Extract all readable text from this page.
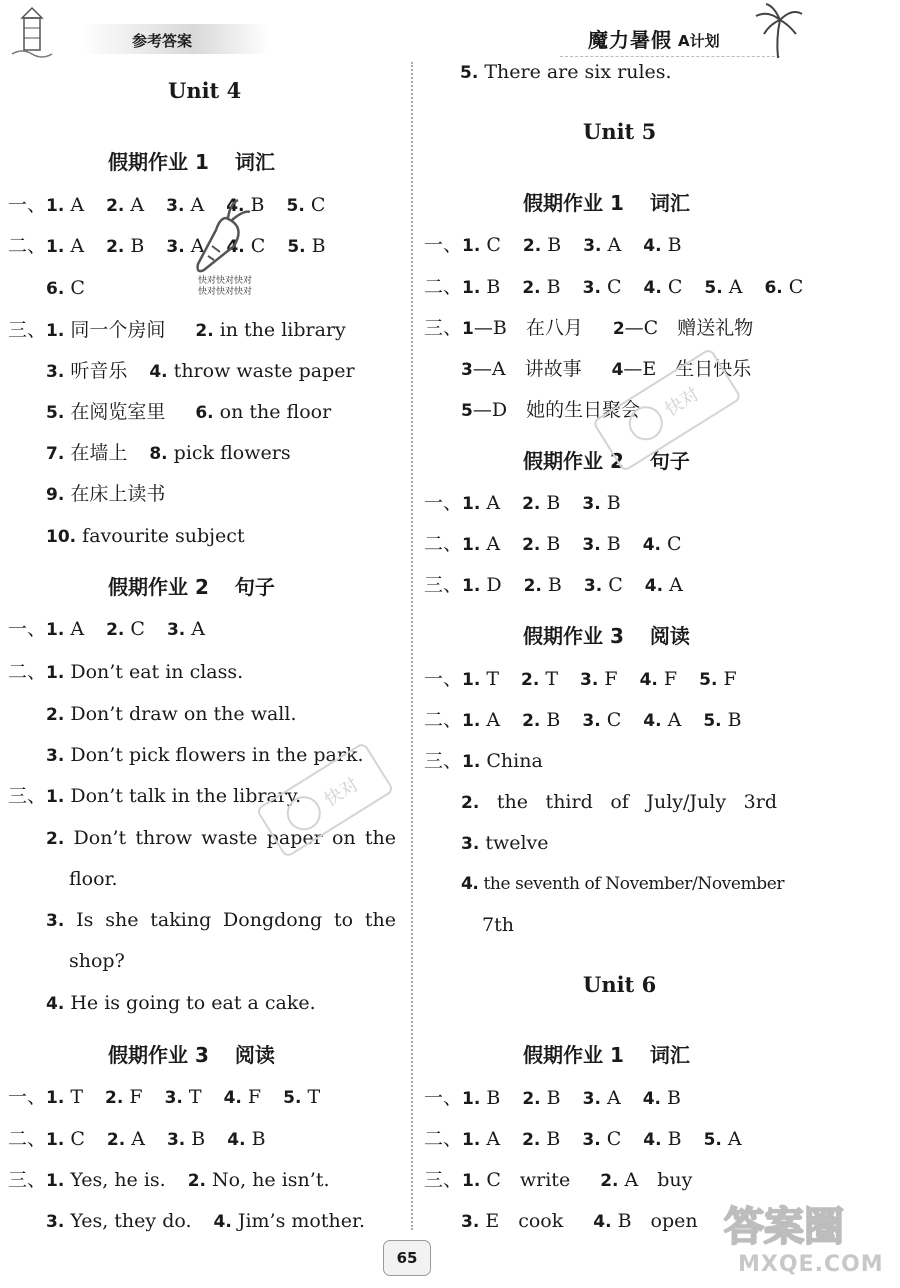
参考答案	魔力暑假 A计划
Unit 4
假期作业 1 词汇
一、1. A 2. A 3. A 4. B 5. C
二、1. A 2. B 3. A 4. C 5. B
6. C
三、1. 同一个房间 2. in the library
3. 听音乐 4. throw waste paper
5. 在阅览室里 6. on the floor
7. 在墙上 8. pick flowers
9. 在床上读书
10. favourite subject
假期作业 2 句子
一、1. A 2. C 3. A
二、1. Don’t eat in class.
2. Don’t draw on the wall.
3. Don’t pick flowers in the park.
三、1. Don’t talk in the library.
2. Don’t throw waste paper on the
floor.
3. Is she taking Dongdong to the
shop?
4. He is going to eat a cake.
假期作业 3 阅读
一、1. T 2. F 3. T 4. F 5. T
二、1. C 2. A 3. B 4. B
三、1. Yes, he is. 2. No, he isn’t.
3. Yes, they do. 4. Jim’s mother.
5. There are six rules.
Unit 5
假期作业 1 词汇
一、1. C 2. B 3. A 4. B
二、1. B 2. B 3. C 4. C 5. A 6. C
三、1—B　在八月 2—C　赠送礼物
3—A　讲故事 4—E　生日快乐
5—D　她的生日聚会
假期作业 2 句子
一、1. A 2. B 3. B
二、1. A 2. B 3. B 4. C
三、1. D 2. B 3. C 4. A
假期作业 3 阅读
一、1. T 2. T 3. F 4. F 5. F
二、1. A 2. B 3. C 4. A 5. B
三、1. China
2. the third of July/July 3rd
3. twelve
4. the seventh of November/November
7th
Unit 6
假期作业 1 词汇
一、1. B 2. B 3. A 4. B
二、1. A 2. B 3. C 4. B 5. A
三、1. C　write 2. A　buy
3. E　cook 4. B　open
65
快对快对快对
快对快对快对
快对
快对
答案圈
MXQE.COM
